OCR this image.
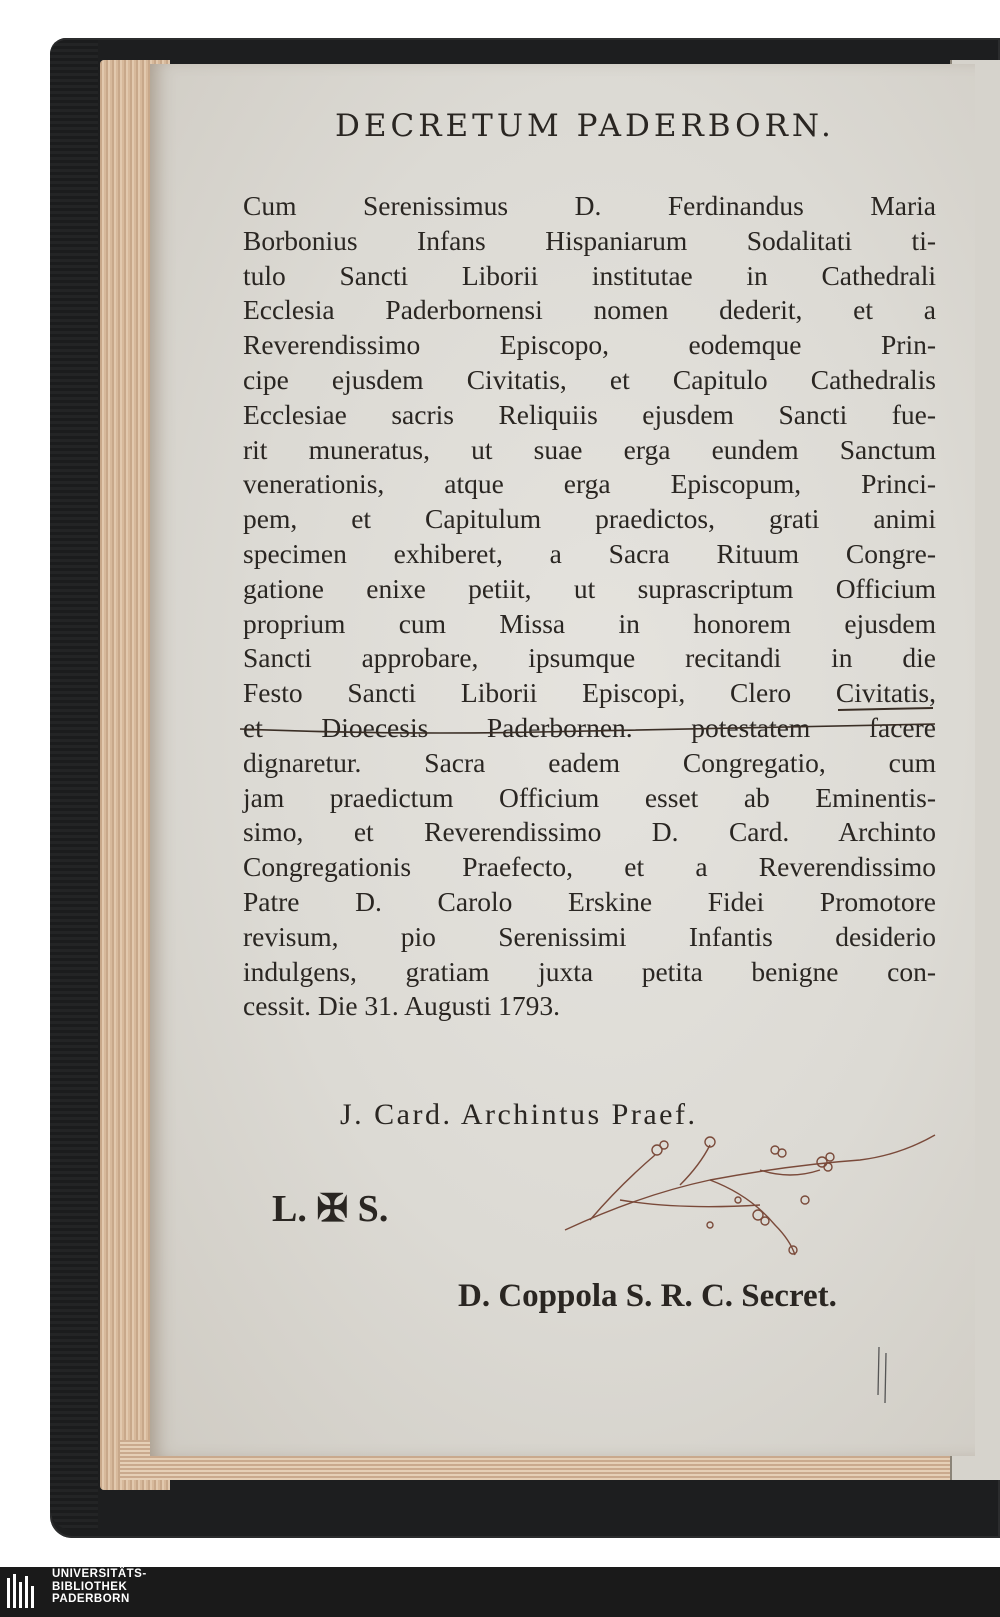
DECRETUM PADERBORN.
Cum Serenissimus D. Ferdinandus Maria
Borbonius Infans Hispaniarum Sodalitati ti-
tulo Sancti Liborii institutae in Cathedrali
Ecclesia Paderbornensi nomen dederit, et a
Reverendissimo Episcopo, eodemque Prin-
cipe ejusdem Civitatis, et Capitulo Cathedralis
Ecclesiae sacris Reliquiis ejusdem Sancti fue-
rit muneratus, ut suae erga eundem Sanctum
venerationis, atque erga Episcopum, Princi-
pem, et Capitulum praedictos, grati animi
specimen exhiberet, a Sacra Rituum Congre-
gatione enixe petiit, ut suprascriptum Officium
proprium cum Missa in honorem ejusdem
Sancti approbare, ipsumque recitandi in die
Festo Sancti Liborii Episcopi, Clero Civitatis,
et Dioecesis Paderbornen. potestatem facere
dignaretur. Sacra eadem Congregatio, cum
jam praedictum Officium esset ab Eminentis-
simo, et Reverendissimo D. Card. Archinto
Congregationis Praefecto, et a Reverendissimo
Patre D. Carolo Erskine Fidei Promotore
revisum, pio Serenissimi Infantis desiderio
indulgens, gratiam juxta petita benigne con-
cessit. Die 31. Augusti 1793.
J. Card. Archintus Praef.
L. ✠ S.
D. Coppola S. R. C. Secret.
UNIVERSITÄTS-
BIBLIOTHEK
PADERBORN
